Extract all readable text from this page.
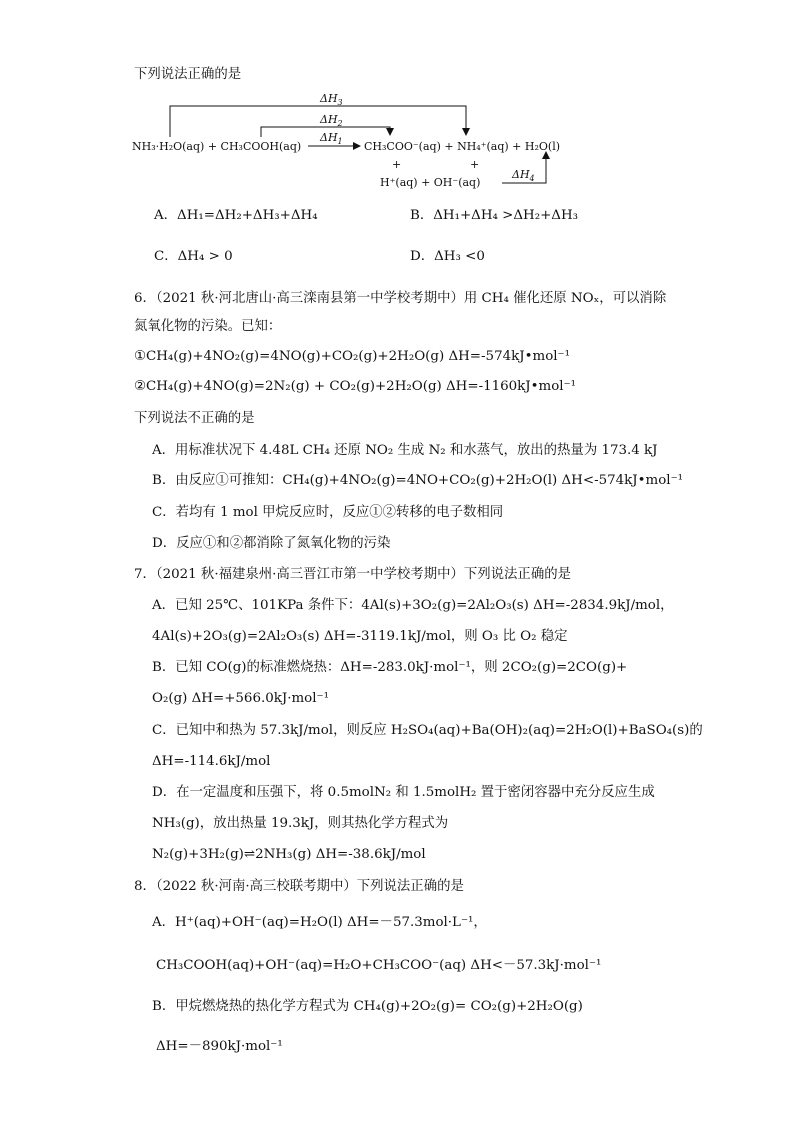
下列说法正确的是
$\Delta H_3$
$\Delta H_2$
$\Delta H_1$
NH₃·H₂O(aq) + CH₃COOH(aq)	CH₃COO⁻(aq) + NH₄⁺(aq) + H₂O(l)
+	+
H⁺(aq) + OH⁻(aq)
$\Delta H_4$
A．ΔH₁=ΔH₂+ΔH₃+ΔH₄	B．ΔH₁+ΔH₄ >ΔH₂+ΔH₃
C．ΔH₄ > 0	D．ΔH₃ <0
6．（2021 秋·河北唐山·高三滦南县第一中学校考期中）用 CH₄ 催化还原 NOₓ，可以消除
氮氧化物的污染。已知：
①CH₄(g)+4NO₂(g)=4NO(g)+CO₂(g)+2H₂O(g) ΔH=-574kJ•mol⁻¹
②CH₄(g)+4NO(g)=2N₂(g) + CO₂(g)+2H₂O(g) ΔH=-1160kJ•mol⁻¹
下列说法不正确的是
A．用标准状况下 4.48L CH₄ 还原 NO₂ 生成 N₂ 和水蒸气，放出的热量为 173.4 kJ
B．由反应①可推知：CH₄(g)+4NO₂(g)=4NO+CO₂(g)+2H₂O(l) ΔH<-574kJ•mol⁻¹
C．若均有 1 mol 甲烷反应时，反应①②转移的电子数相同
D．反应①和②都消除了氮氧化物的污染
7．（2021 秋·福建泉州·高三晋江市第一中学校考期中）下列说法正确的是
A．已知 25℃、101KPa 条件下：4Al(s)+3O₂(g)=2Al₂O₃(s) ΔH=-2834.9kJ/mol，
4Al(s)+2O₃(g)=2Al₂O₃(s) ΔH=-3119.1kJ/mol，则 O₃ 比 O₂ 稳定
B．已知 CO(g)的标准燃烧热：ΔH=-283.0kJ·mol⁻¹，则 2CO₂(g)=2CO(g)+
O₂(g) ΔH=+566.0kJ·mol⁻¹
C．已知中和热为 57.3kJ/mol，则反应 H₂SO₄(aq)+Ba(OH)₂(aq)=2H₂O(l)+BaSO₄(s)的
ΔH=-114.6kJ/mol
D．在一定温度和压强下，将 0.5molN₂ 和 1.5molH₂ 置于密闭容器中充分反应生成
NH₃(g)，放出热量 19.3kJ，则其热化学方程式为
N₂(g)+3H₂(g)⇌2NH₃(g) ΔH=-38.6kJ/mol
8．（2022 秋·河南·高三校联考期中）下列说法正确的是
A．H⁺(aq)+OH⁻(aq)=H₂O(l) ΔH=－57.3mol·L⁻¹，
CH₃COOH(aq)+OH⁻(aq)=H₂O+CH₃COO⁻(aq) ΔH<－57.3kJ·mol⁻¹
B．甲烷燃烧热的热化学方程式为 CH₄(g)+2O₂(g)= CO₂(g)+2H₂O(g)
ΔH=－890kJ·mol⁻¹
